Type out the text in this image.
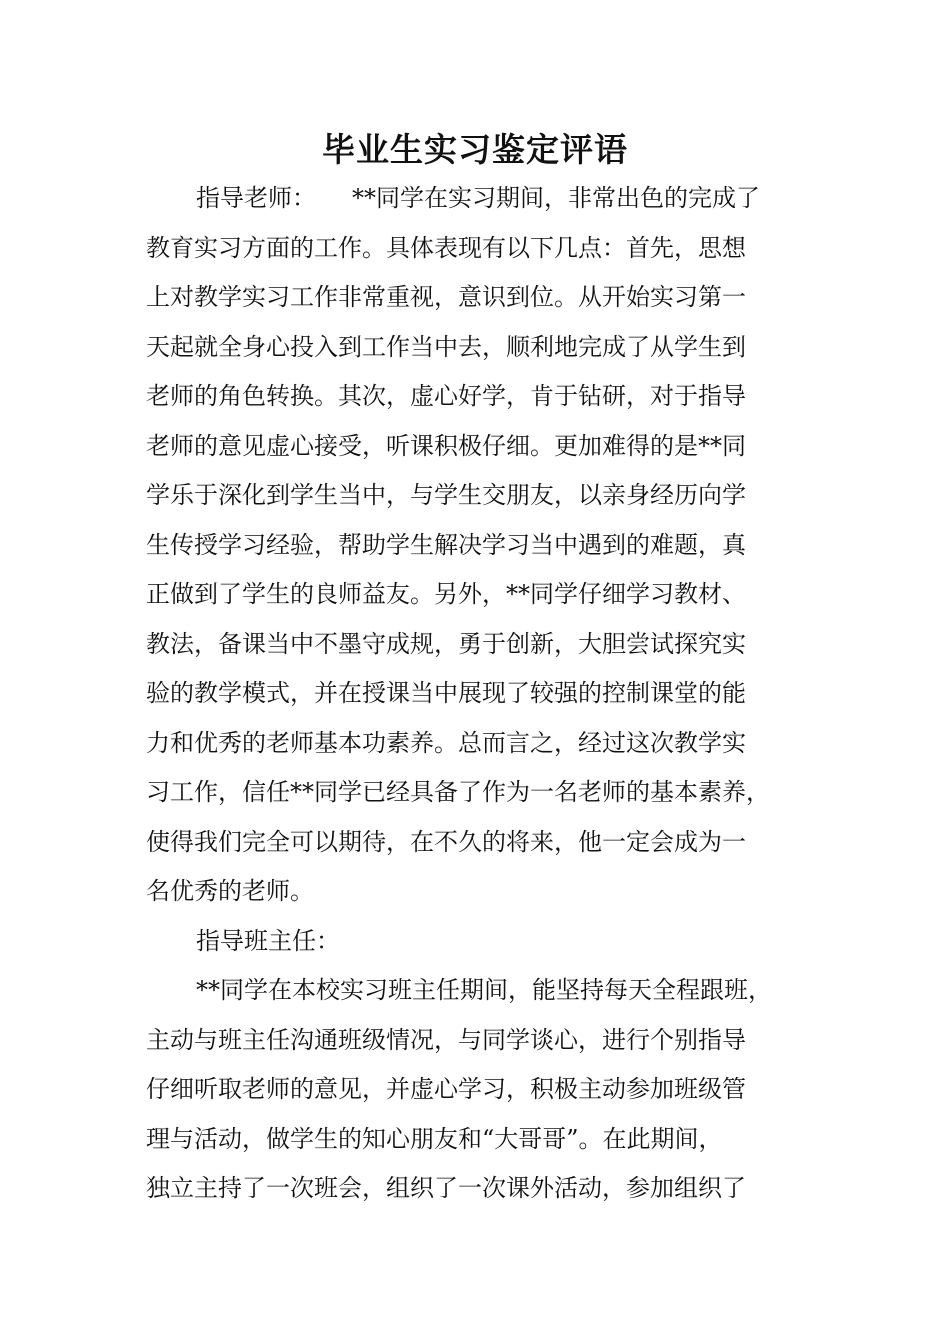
毕业生实习鉴定评语
指导老师：　　**同学在实习期间，非常出色的完成了
教育实习方面的工作。具体表现有以下几点：首先，思想
上对教学实习工作非常重视，意识到位。从开始实习第一
天起就全身心投入到工作当中去，顺利地完成了从学生到
老师的角色转换。其次，虚心好学，肯于钻研，对于指导
老师的意见虚心接受，听课积极仔细。更加难得的是**同
学乐于深化到学生当中，与学生交朋友，以亲身经历向学
生传授学习经验，帮助学生解决学习当中遇到的难题，真
正做到了学生的良师益友。另外，**同学仔细学习教材、
教法，备课当中不墨守成规，勇于创新，大胆尝试探究实
验的教学模式，并在授课当中展现了较强的控制课堂的能
力和优秀的老师基本功素养。总而言之，经过这次教学实
习工作，信任**同学已经具备了作为一名老师的基本素养，
使得我们完全可以期待，在不久的将来，他一定会成为一
名优秀的老师。
指导班主任：
**同学在本校实习班主任期间，能坚持每天全程跟班，
主动与班主任沟通班级情况，与同学谈心，进行个别指导
仔细听取老师的意见，并虚心学习，积极主动参加班级管
理与活动，做学生的知心朋友和“大哥哥”。在此期间，
独立主持了一次班会，组织了一次课外活动，参加组织了
